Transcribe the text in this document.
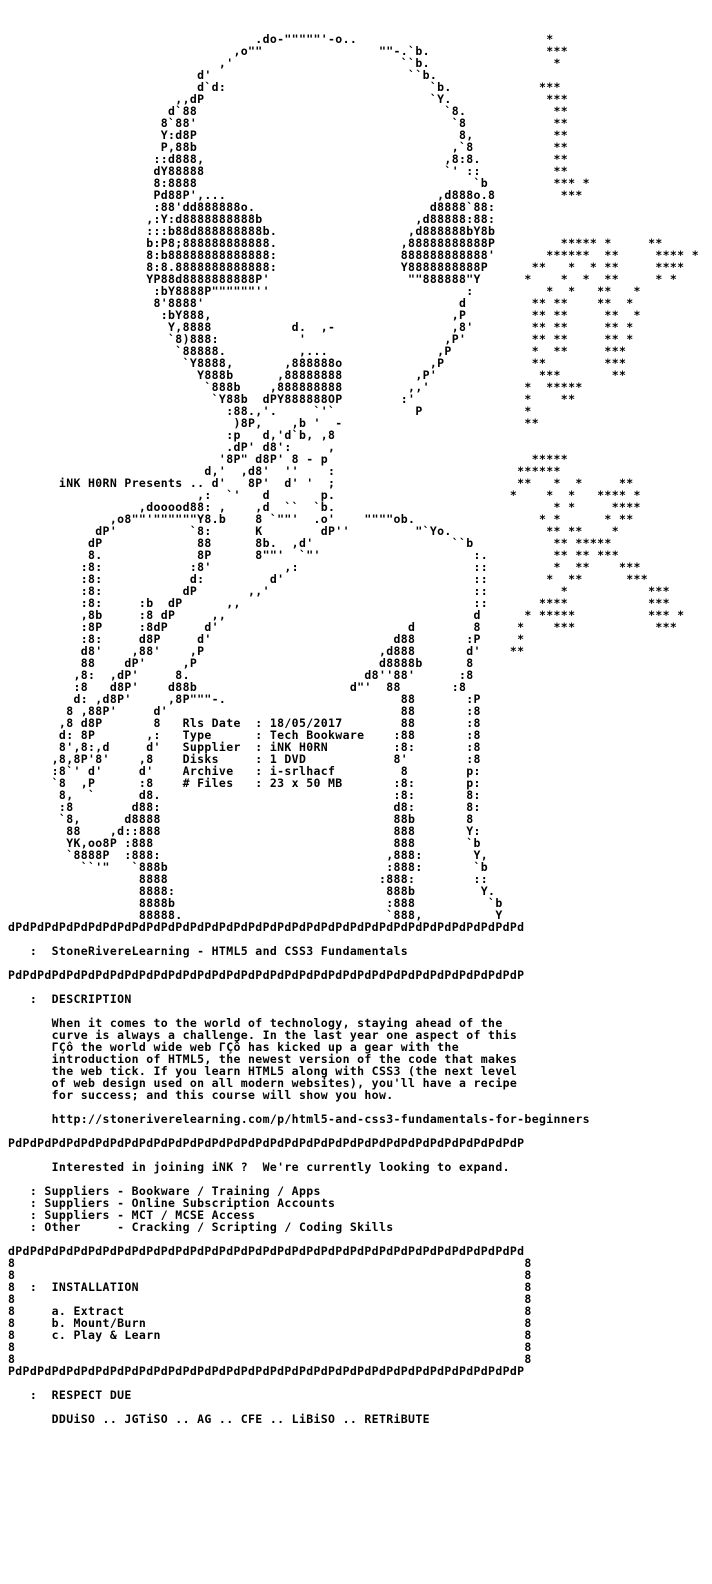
.do-"""""'-o..                          *
,o""                ""-.`b.                ***
,'                       ``b.                 *
d'                           ``b.
d`d:                            `b.            ***
,,dP                               `Y.             ***
d`88                                  `8.            **
8`88'                                   `8            **
Y:d8P                                    8,           **
P,88b                                   ,`8           **
::d888,                                 ,8:8.          **
dY88888                                 `' ::          **
8:8888                                      `b         *** *
Pd88P',...                             ,d888o.8         ***
:88'dd888888o.                        d8888`88:
,:Y:d8888888888b                     ,d88888:88:
:::b88d888888888b.                  ,d888888bY8b
b:P8;888888888888.                 ,88888888888P         ***** *     **
8:b88888888888888:                 888888888888'       ******  **     **** *
8:8.8888888888888:                 Y8888888888P      **   *  * **     ****
YP88d8888888888P'                   ""888888"Y      *    *  *  **     * *
:bY8888P""""""''                           :          *  *   **   *
8'8888'                                   d         ** **    **  *
:bY888,                                 ,P         ** **     **  *
Y,8888           d.  ,-                ,8'        ** **     ** *
`8)888:           '                   ,P'         ** **     ** *
`88888.          ,...               ,P           *  **     ***
`Y8888,       ,888888o            ,P            **        ***
Y888b      ,88888888          ,P'              ***       **
`888b    ,888888888         ,,'             *  *****
`Y88b  dPY888888OP        :'               *    **
:88.,'.     `'`           P              *
)8P,    ,b '  -                         **
:p   d,'d`b, ,8
.dP' d8':     ,
'8P" d8P' 8 - p                            *****
d,'  ,d8'  ''    :                         ******
iNK H0RN Presents .. d'   8P'  d' '  ;                         **   *  *     **
,:  `'   d       p.                        *    *  *   **** *
,dooood88: ,    ,d  ``  `b.                              * *     ****
,o8""'""""""Y8.b    8 `""'  .o'    """"ob.                 * *      * **
dP'          `8:      K        dP''         "`Yo.             ** **    *
dP             88      8b.  ,d'                   ``b           ** *****
8.             8P      8""'  `"'                     :.         ** ** ***
:8:            :8'          ,:                        ::         *  **    ***
:8:            d:         d'                          ::        *  **      ***
:8:           dP       ,,'                            ::          *           ***
:8:     :b  dP      ,,                                ::       ****           ***
,8b     :8 dP     ,,                                  d      * *****          *** *
:8P     :8dP     d'                          d        8     *    ***           ***
:8:     d8P     d'                         d88       :P     *
d8'    ,88'    ,P                        ,d888       d'    **
88    dP'     ,P                         d8888b      8
,8:  ,dP'     8.                        d8''88'      :8
:8   d8P'    d88b                     d"'  88       :8
d: ,d8P'     ,8P"""-.                        88       :P
8 ,88P'     d'                                88       :8
,8 d8P       8   Rls Date  : 18/05/2017        88       :8
d: 8P       ,:   Type      : Tech Bookware    :88       :8
8',8:,d     d'   Supplier  : iNK H0RN         :8:       :8
,8,8P'8'    ,8    Disks     : 1 DVD            8'        :8
:8`' d'     d'    Archive   : i-srlhacf         8        p:
`8  ,P      :8    # Files   : 23 x 50 MB       :8:       p:
8,  `      d8.                                :8:       8:
:8        d88:                                d8:       8:
`8,      d8888                                88b       8
88    ,d::888                                888       Y:
YK,oo8P :888                                 888       `b
`8888P  :888:                               ,888:       Y,
``'"   `888b                              :888:       `b
8888                             :888:        ::
8888:                             888b         Y.
8888b                             :888          `b
88888.                            `888,          Y

dPdPdPdPdPdPdPdPdPdPdPdPdPdPdPdPdPdPdPdPdPdPdPdPdPdPdPdPdPdPdPdPdPdPdPd

:  StoneRivereLearning - HTML5 and CSS3 Fundamentals

PdPdPdPdPdPdPdPdPdPdPdPdPdPdPdPdPdPdPdPdPdPdPdPdPdPdPdPdPdPdPdPdPdPdPdP

:  DESCRIPTION

When it comes to the world of technology, staying ahead of the
curve is always a challenge. In the last year one aspect of this
ΓÇô the world wide web ΓÇô has kicked up a gear with the
introduction of HTML5, the newest version of the code that makes
the web tick. If you learn HTML5 along with CSS3 (the next level
of web design used on all modern websites), you'll have a recipe
for success; and this course will show you how.

http://stoneriverelearning.com/p/html5-and-css3-fundamentals-for-beginners

PdPdPdPdPdPdPdPdPdPdPdPdPdPdPdPdPdPdPdPdPdPdPdPdPdPdPdPdPdPdPdPdPdPdPdP

Interested in joining iNK ?  We're currently looking to expand.

: Suppliers - Bookware / Training / Apps
: Suppliers - Online Subscription Accounts
: Suppliers - MCT / MCSE Access
: Other     - Cracking / Scripting / Coding Skills

dPdPdPdPdPdPdPdPdPdPdPdPdPdPdPdPdPdPdPdPdPdPdPdPdPdPdPdPdPdPdPdPdPdPdPd
8                                                                      8
8                                                                      8
8  :  INSTALLATION                                                     8
8                                                                      8
8     a. Extract                                                       8
8     b. Mount/Burn                                                    8
8     c. Play & Learn                                                  8
8                                                                      8
8                                                                      8
PdPdPdPdPdPdPdPdPdPdPdPdPdPdPdPdPdPdPdPdPdPdPdPdPdPdPdPdPdPdPdPdPdPdPdP

:  RESPECT DUE

DDUiSO .. JGTiSO .. AG .. CFE .. LiBiSO .. RETRiBUTE
